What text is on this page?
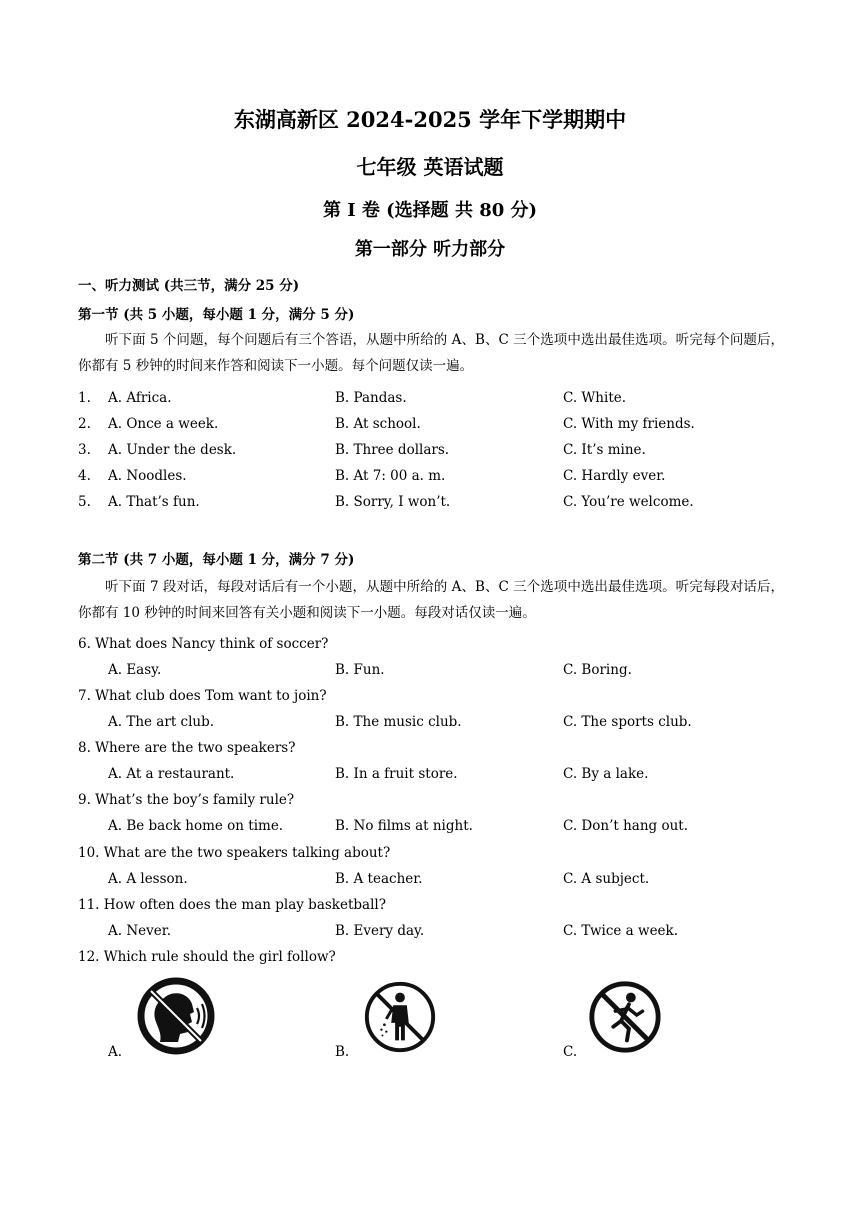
东湖高新区 2024-2025 学年下学期期中
七年级 英语试题
第 Ⅰ 卷 (选择题 共 80 分)
第一部分 听力部分
一、听力测试 (共三节，满分 25 分)
第一节 (共 5 小题，每小题 1 分，满分 5 分)
听下面 5 个问题，每个问题后有三个答语，从题中所给的 A、B、C 三个选项中选出最佳选项。听完每个问题后，你都有 5 秒钟的时间来作答和阅读下一小题。每个问题仅读一遍。
1. A. Africa.	B. Pandas.	C. White.
2. A. Once a week.	B. At school.	C. With my friends.
3. A. Under the desk.	B. Three dollars.	C. It’s mine.
4. A. Noodles.	B. At 7: 00 a. m.	C. Hardly ever.
5. A. That’s fun.	B. Sorry, I won’t.	C. You’re welcome.
第二节 (共 7 小题，每小题 1 分，满分 7 分)
听下面 7 段对话，每段对话后有一个小题，从题中所给的 A、B、C 三个选项中选出最佳选项。听完每段对话后，你都有 10 秒钟的时间来回答有关小题和阅读下一小题。每段对话仅读一遍。
6. What does Nancy think of soccer?
A. Easy.	B. Fun.	C. Boring.
7. What club does Tom want to join?
A. The art club.	B. The music club.	C. The sports club.
8. Where are the two speakers?
A. At a restaurant.	B. In a fruit store.	C. By a lake.
9. What’s the boy’s family rule?
A. Be back home on time.	B. No films at night.	C. Don’t hang out.
10. What are the two speakers talking about?
A. A lesson.	B. A teacher.	C. A subject.
11. How often does the man play basketball?
A. Never.	B. Every day.	C. Twice a week.
12. Which rule should the girl follow?
A.	B.	C.
